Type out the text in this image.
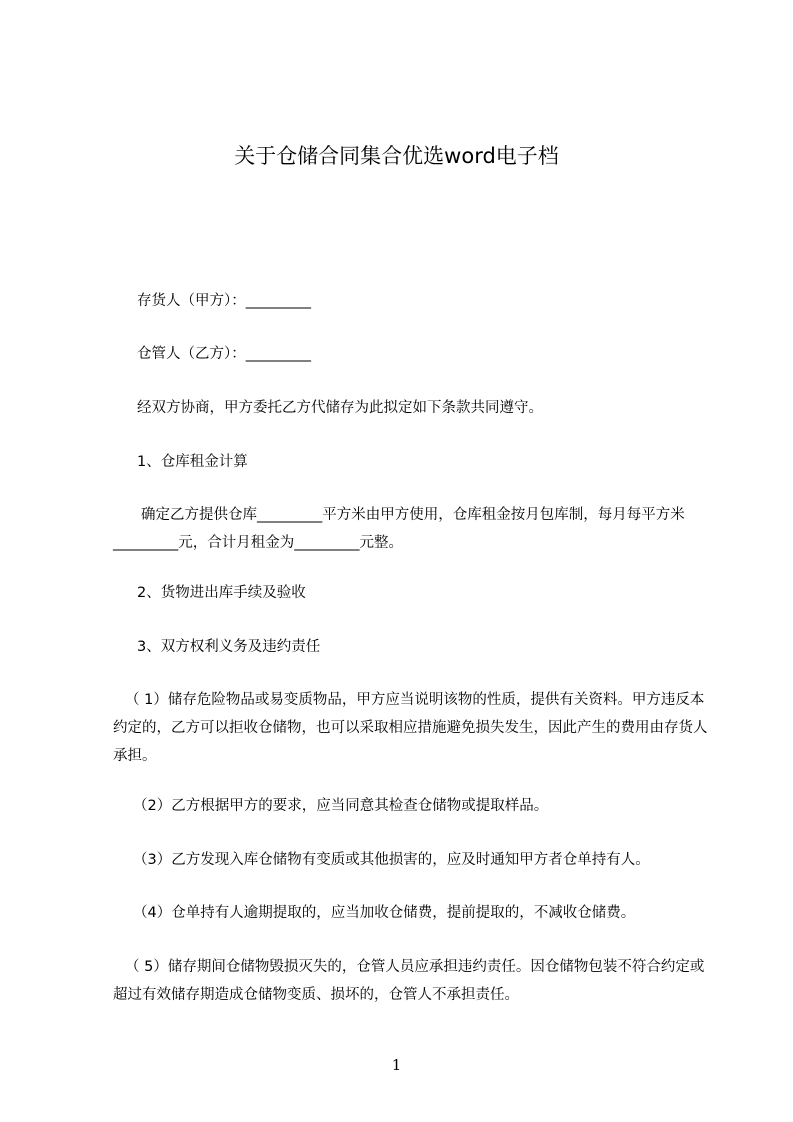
关于仓储合同集合优选word电子档
存货人（甲方）：_________
仓管人（乙方）：_________
经双方协商，甲方委托乙方代储存为此拟定如下条款共同遵守。
1、仓库租金计算
确定乙方提供仓库_________平方米由甲方使用，仓库租金按月包库制，每月每平方米_________元，合计月租金为_________元整。
2、货物进出库手续及验收
3、双方权利义务及违约责任
（ 1）储存危险物品或易变质物品，甲方应当说明该物的性质，提供有关资料。甲方违反本约定的，乙方可以拒收仓储物，也可以采取相应措施避免损失发生，因此产生的费用由存货人承担。
（2）乙方根据甲方的要求，应当同意其检查仓储物或提取样品。
（3）乙方发现入库仓储物有变质或其他损害的，应及时通知甲方者仓单持有人。
（4）仓单持有人逾期提取的，应当加收仓储费，提前提取的，不减收仓储费。
（ 5）储存期间仓储物毁损灭失的，仓管人员应承担违约责任。因仓储物包装不符合约定或超过有效储存期造成仓储物变质、损坏的，仓管人不承担责任。
1
